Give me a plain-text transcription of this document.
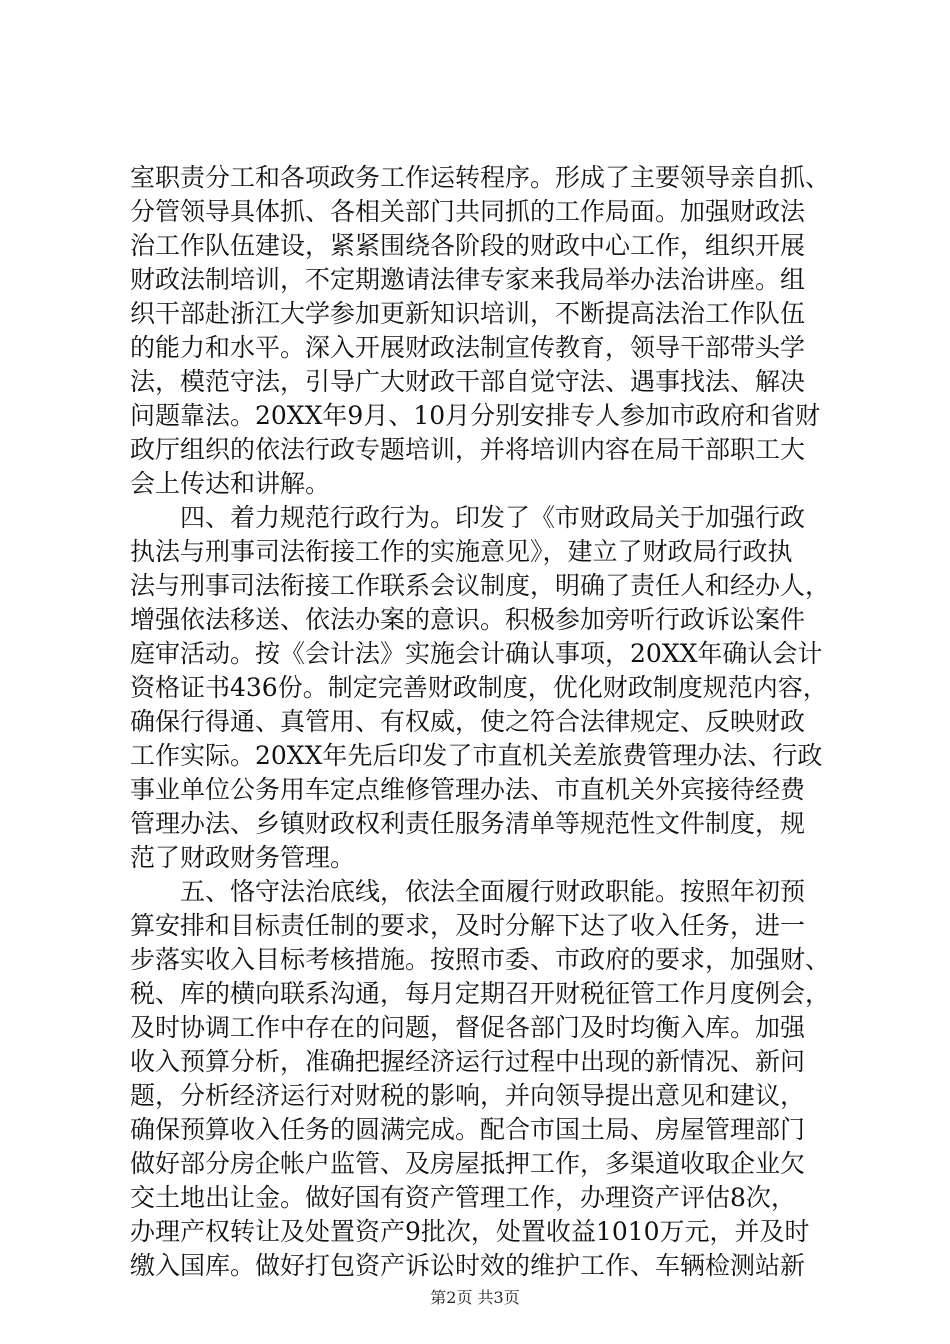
室职责分工和各项政务工作运转程序。形成了主要领导亲自抓、
分管领导具体抓、各相关部门共同抓的工作局面。加强财政法
治工作队伍建设，紧紧围绕各阶段的财政中心工作，组织开展
财政法制培训，不定期邀请法律专家来我局举办法治讲座。组
织干部赴浙江大学参加更新知识培训，不断提高法治工作队伍
的能力和水平。深入开展财政法制宣传教育，领导干部带头学
法，模范守法，引导广大财政干部自觉守法、遇事找法、解决
问题靠法。20XX年9月、10月分别安排专人参加市政府和省财
政厅组织的依法行政专题培训，并将培训内容在局干部职工大
会上传达和讲解。
四、着力规范行政行为。印发了《市财政局关于加强行政
执法与刑事司法衔接工作的实施意见》，建立了财政局行政执
法与刑事司法衔接工作联系会议制度，明确了责任人和经办人，
增强依法移送、依法办案的意识。积极参加旁听行政诉讼案件
庭审活动。按《会计法》实施会计确认事项，20XX年确认会计
资格证书436份。制定完善财政制度，优化财政制度规范内容，
确保行得通、真管用、有权威，使之符合法律规定、反映财政
工作实际。20XX年先后印发了市直机关差旅费管理办法、行政
事业单位公务用车定点维修管理办法、市直机关外宾接待经费
管理办法、乡镇财政权利责任服务清单等规范性文件制度，规
范了财政财务管理。
五、恪守法治底线，依法全面履行财政职能。按照年初预
算安排和目标责任制的要求，及时分解下达了收入任务，进一
步落实收入目标考核措施。按照市委、市政府的要求，加强财、
税、库的横向联系沟通，每月定期召开财税征管工作月度例会，
及时协调工作中存在的问题，督促各部门及时均衡入库。加强
收入预算分析，准确把握经济运行过程中出现的新情况、新问
题，分析经济运行对财税的影响，并向领导提出意见和建议，
确保预算收入任务的圆满完成。配合市国土局、房屋管理部门
做好部分房企帐户监管、及房屋抵押工作，多渠道收取企业欠
交土地出让金。做好国有资产管理工作，办理资产评估8次，
办理产权转让及处置资产9批次，处置收益1010万元，并及时
缴入国库。做好打包资产诉讼时效的维护工作、车辆检测站新
第2页 共3页
